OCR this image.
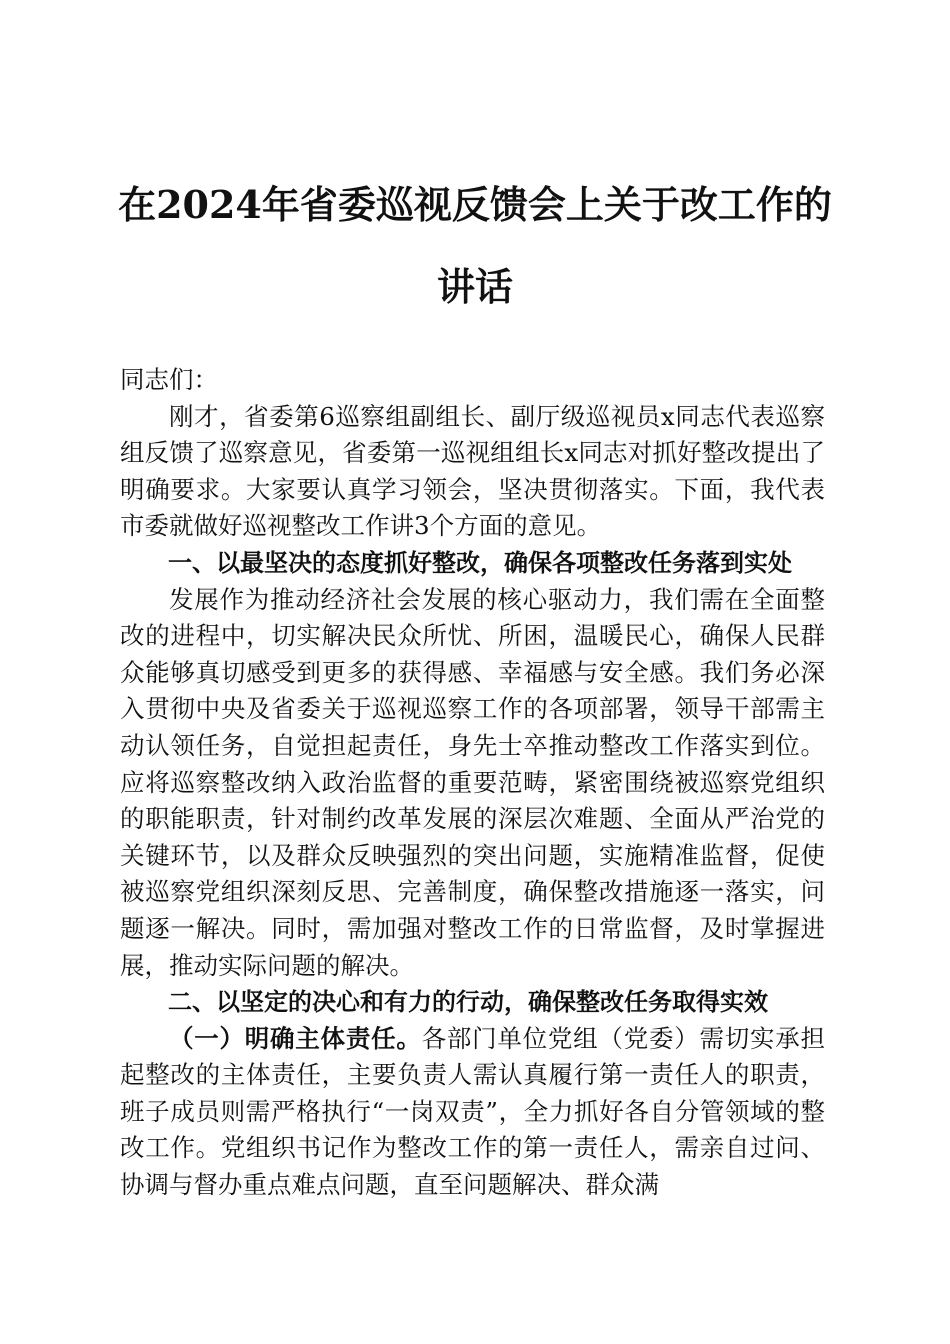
在2024年省委巡视反馈会上关于改工作的讲话

同志们：

刚才，省委第6巡察组副组长、副厅级巡视员x同志代表巡察组反馈了巡察意见，省委第一巡视组组长x同志对抓好整改提出了明确要求。大家要认真学习领会，坚决贯彻落实。下面，我代表市委就做好巡视整改工作讲3个方面的意见。

一、以最坚决的态度抓好整改，确保各项整改任务落到实处

发展作为推动经济社会发展的核心驱动力，我们需在全面整改的进程中，切实解决民众所忧、所困，温暖民心，确保人民群众能够真切感受到更多的获得感、幸福感与安全感。我们务必深入贯彻中央及省委关于巡视巡察工作的各项部署，领导干部需主动认领任务，自觉担起责任，身先士卒推动整改工作落实到位。应将巡察整改纳入政治监督的重要范畴，紧密围绕被巡察党组织的职能职责，针对制约改革发展的深层次难题、全面从严治党的关键环节，以及群众反映强烈的突出问题，实施精准监督，促使被巡察党组织深刻反思、完善制度，确保整改措施逐一落实，问题逐一解决。同时，需加强对整改工作的日常监督，及时掌握进展，推动实际问题的解决。

二、以坚定的决心和有力的行动，确保整改任务取得实效

（一）明确主体责任。各部门单位党组（党委）需切实承担起整改的主体责任，主要负责人需认真履行第一责任人的职责，班子成员则需严格执行“一岗双责”，全力抓好各自分管领域的整改工作。党组织书记作为整改工作的第一责任人，需亲自过问、协调与督办重点难点问题，直至问题解决、群众满
